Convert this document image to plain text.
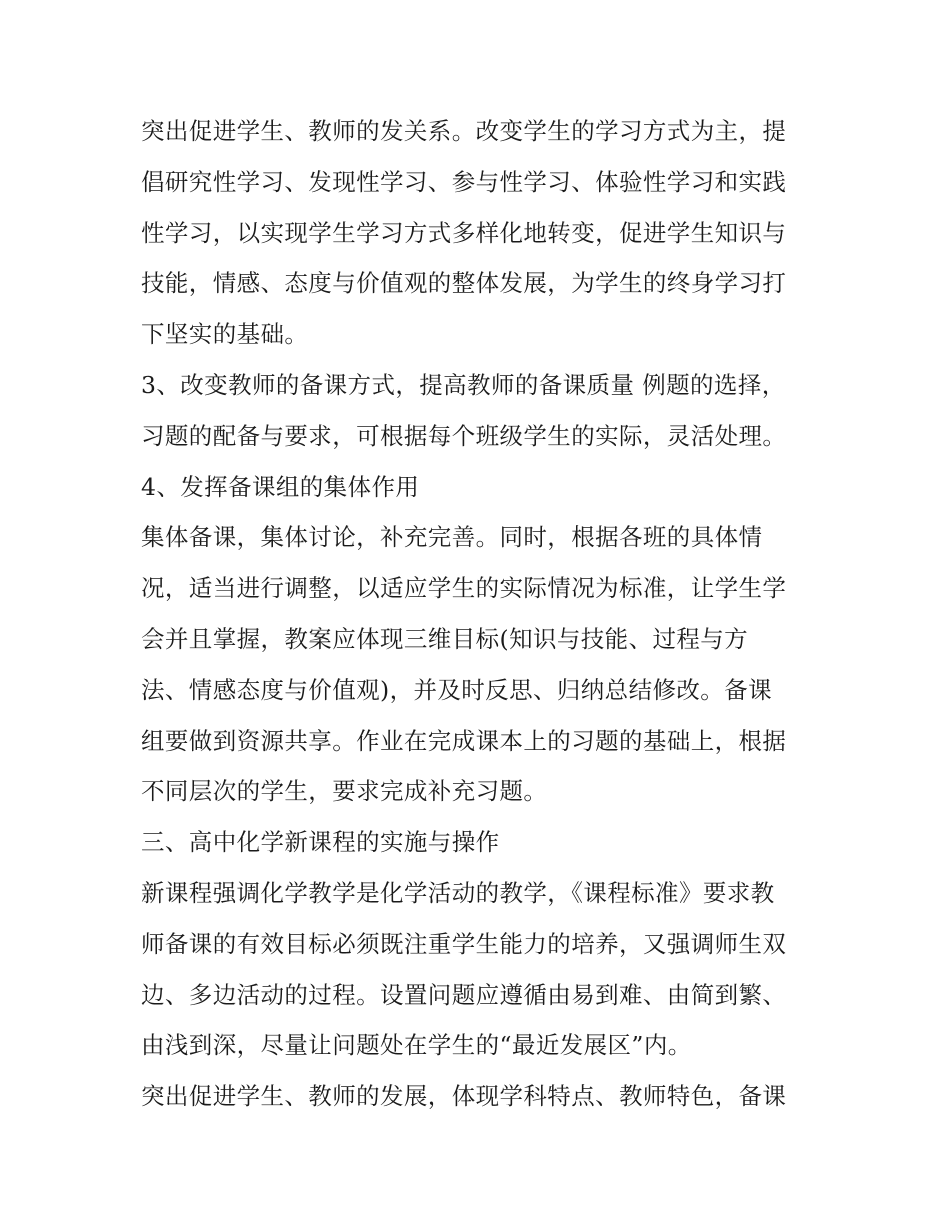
突出促进学生、教师的发关系。改变学生的学习方式为主，提
倡研究性学习、发现性学习、参与性学习、体验性学习和实践
性学习，以实现学生学习方式多样化地转变，促进学生知识与
技能，情感、态度与价值观的整体发展，为学生的终身学习打
下坚实的基础。
3、改变教师的备课方式，提高教师的备课质量 例题的选择，
习题的配备与要求，可根据每个班级学生的实际，灵活处理。
4、发挥备课组的集体作用
集体备课，集体讨论，补充完善。同时，根据各班的具体情
况，适当进行调整，以适应学生的实际情况为标准，让学生学
会并且掌握，教案应体现三维目标(知识与技能、过程与方
法、情感态度与价值观)，并及时反思、归纳总结修改。备课
组要做到资源共享。作业在完成课本上的习题的基础上，根据
不同层次的学生，要求完成补充习题。
三、高中化学新课程的实施与操作
新课程强调化学教学是化学活动的教学，《课程标准》要求教
师备课的有效目标必须既注重学生能力的培养，又强调师生双
边、多边活动的过程。设置问题应遵循由易到难、由简到繁、
由浅到深，尽量让问题处在学生的“最近发展区”内。
突出促进学生、教师的发展，体现学科特点、教师特色，备课
